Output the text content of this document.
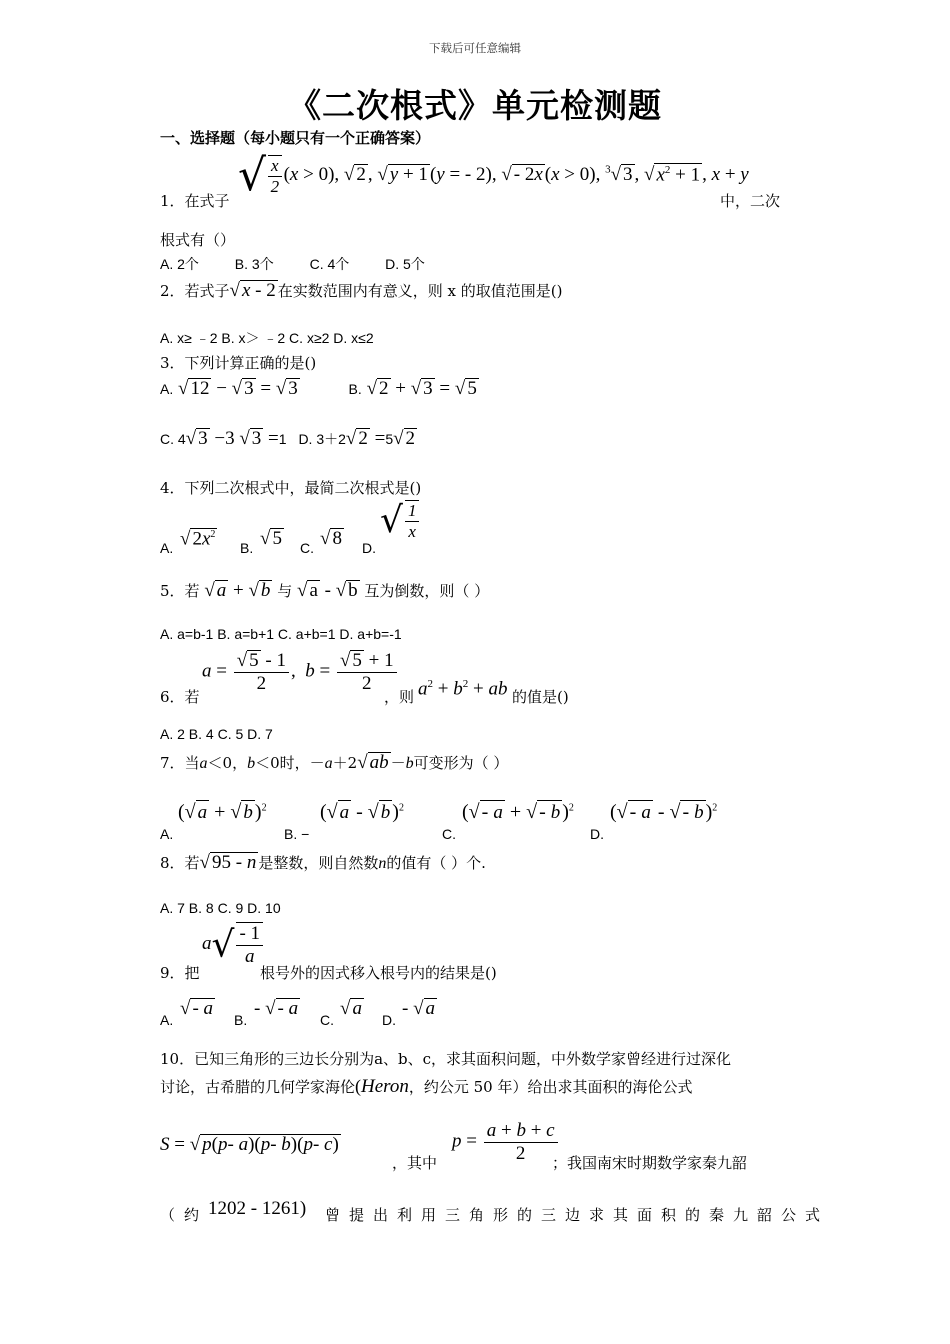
下载后可任意编辑
《二次根式》单元检测题
一、选择题（每小题只有一个正确答案）
1．在式子 √ $\frac{x}{2} (x > 0)$, √ 2 , √ y + 1 (y = - 2), √ - 2x (x > 0), $^3$√ 3 , √ $x^2 + 1$ , x + y
中，二次
根式有（）
A. 2个	B. 3个	C. 4个	D. 5个
2．若式子√ x - 2 在实数范围内有意义，则 x 的取值范围是()
A. x≥ ﹣2 B. x＞ ﹣2 C. x≥2 D. x≤2
3．下列计算正确的是()
A. √ 12 − √ 3 = √ 3	B. √ 2 + √ 3 = √ 5
C. 4√ 3 −3 √ 3 =1 D. 3＋2√ 2 =5√ 2
4．下列二次根式中，最简二次根式是()
A. √ $2x^2$
B. √ 5 C. √ 8 D.
√ $\frac{1}{x}$
5．若 √ a + √ b 与 √ a - √ b 互为倒数，则（ ）
A. a=b-1 B. a=b+1 C. a+b=1 D. a+b=-1
6．若
$a = \frac{√ 5 - 1}{2}$ ,  $b = \frac{√ 5 + 1}{2}$
，则 $a^2 + b^2$ + ab 的值是()
A. 2 B. 4 C. 5 D. 7
7．当a＜0，b＜0时，－a＋2√ ab －b可变形为（ ）
A.
(√ a + √ b )$^2$
B. −
(√ a - √ b )$^2$
C.
(√ - a + √ - b )$^2$
D.
(√ - a - √ - b )$^2$
8．若√ 95 - n 是整数，则自然数n的值有（ ）个.
A. 7 B. 8 C. 9 D. 10
9．把
$a√ \frac{- 1}{a}$
根号外的因式移入根号内的结果是()
A.
√ - a
B.
- √ - a
C.
√ a
D.
- √ a
10．已知三角形的三边长分别为a、b、c，求其面积问题，中外数学家曾经进行过深化
讨论，古希腊的几何学家海伦(Heron，约公元 50 年）给出求其面积的海伦公式
S = √ p(p- a)(p- b)(p- c)
，其中
$p = \frac{a + b + c}{2}$
；我国南宋时期数学家秦九韶
（约 1202 - 1261) 曾提出利用三角形的三边求其面积的秦九韶公式
